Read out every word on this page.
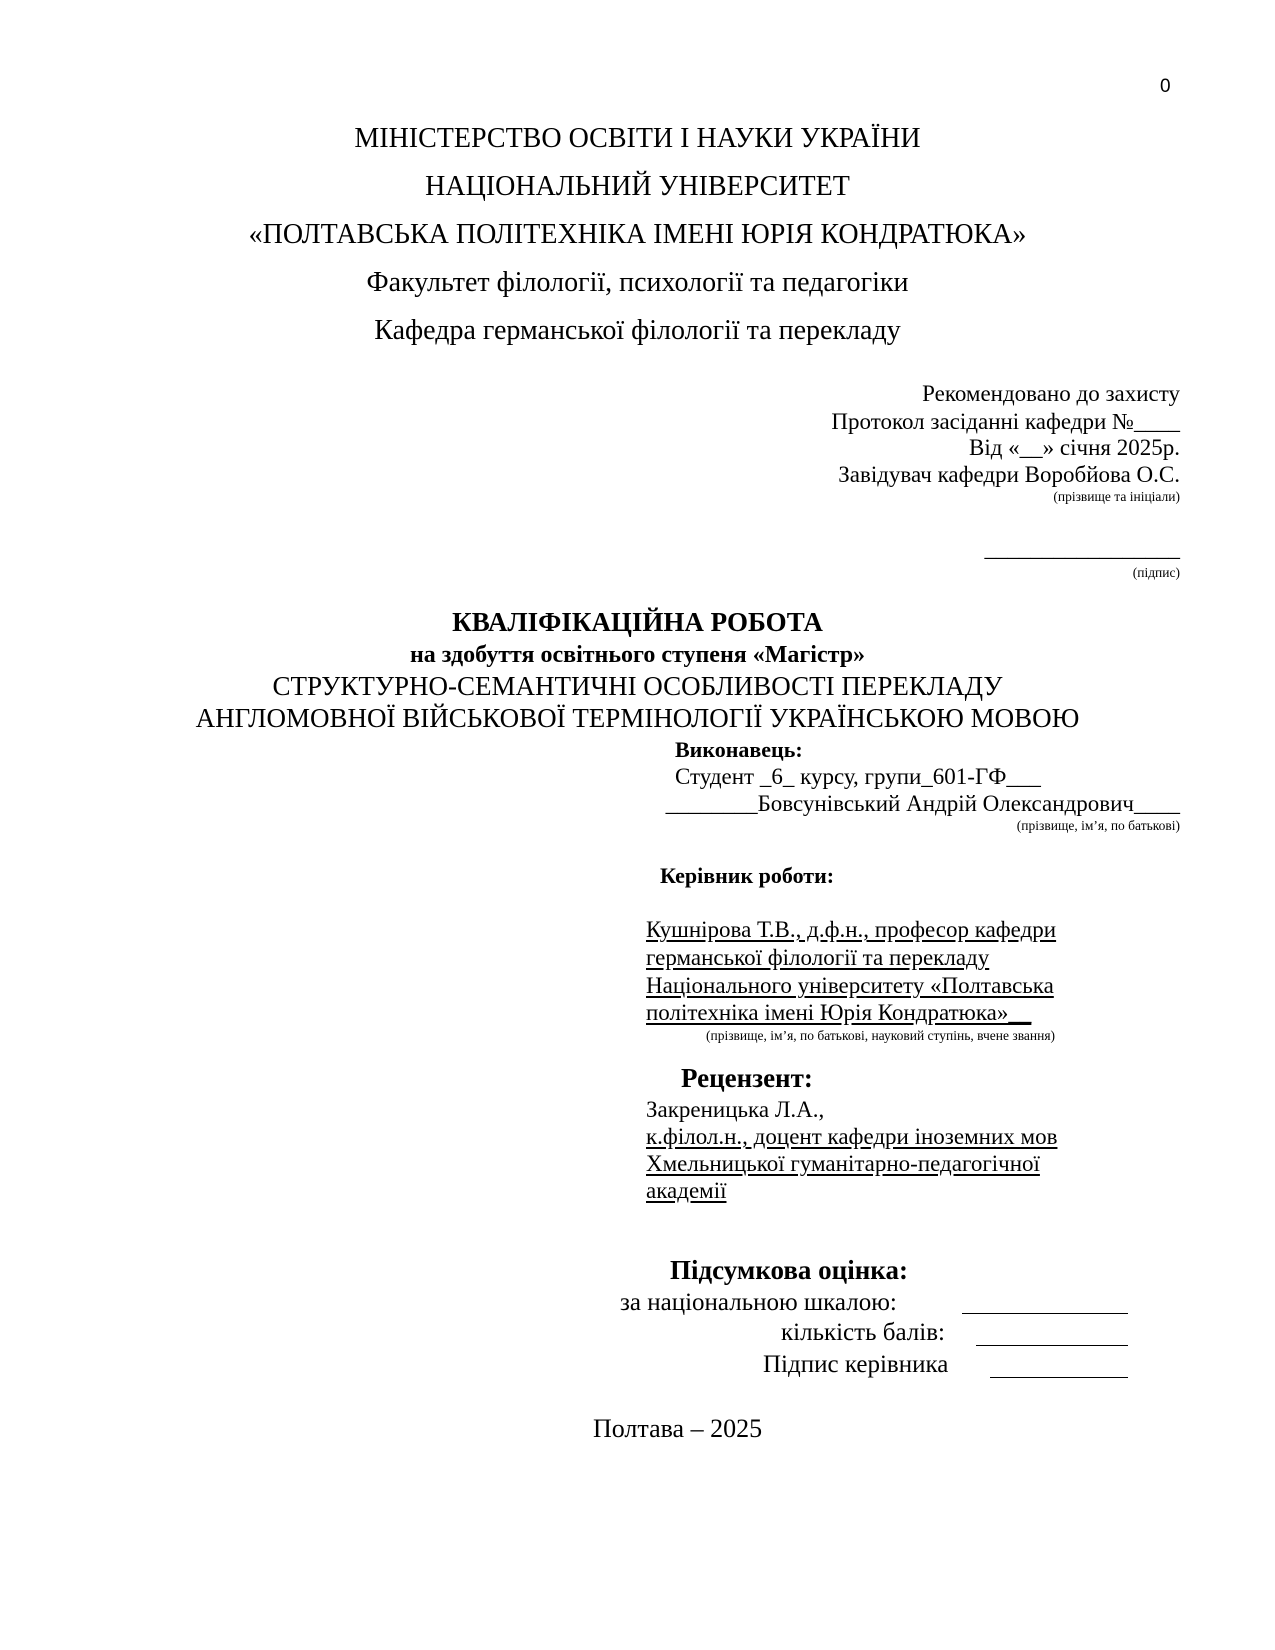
0
МІНІСТЕРСТВО ОСВІТИ І НАУКИ УКРАЇНИ
НАЦІОНАЛЬНИЙ УНІВЕРСИТЕТ
«ПОЛТАВСЬКА ПОЛІТЕХНІКА ІМЕНІ ЮРІЯ КОНДРАТЮКА»
Факультет філології, психології та педагогіки
Кафедра германської філології та перекладу
Рекомендовано до захисту
Протокол засіданні кафедри №____
Від «__» січня 2025р.
Завідувач кафедри Воробйова О.С.
(прізвище та ініціали)
_________________
(підпис)
КВАЛІФІКАЦІЙНА РОБОТА
на здобуття освітнього ступеня «Магістр»
СТРУКТУРНО-СЕМАНТИЧНІ ОСОБЛИВОСТІ ПЕРЕКЛАДУ
АНГЛОМОВНОЇ ВІЙСЬКОВОЇ ТЕРМІНОЛОГІЇ УКРАЇНСЬКОЮ МОВОЮ
Виконавець:
Студент _6_ курсу, групи_601-ГФ___
________Бовсунівський Андрій Олександрович____
(прізвище, ім’я, по батькові)
Керівник роботи:
Кушнірова Т.В., д.ф.н., професор кафедри
германської філології та перекладу
Національного університету «Полтавська
політехніка імені Юрія Кондратюка»__
(прізвище, ім’я, по батькові, науковий ступінь, вчене звання)
Рецензент:
Закреницька Л.А.,
к.філол.н., доцент кафедри іноземних мов
Хмельницької гуманітарно-педагогічної
академії
Підсумкова оцінка:
за національною шкалою:
кількість балів:
Підпис керівника
Полтава – 2025
